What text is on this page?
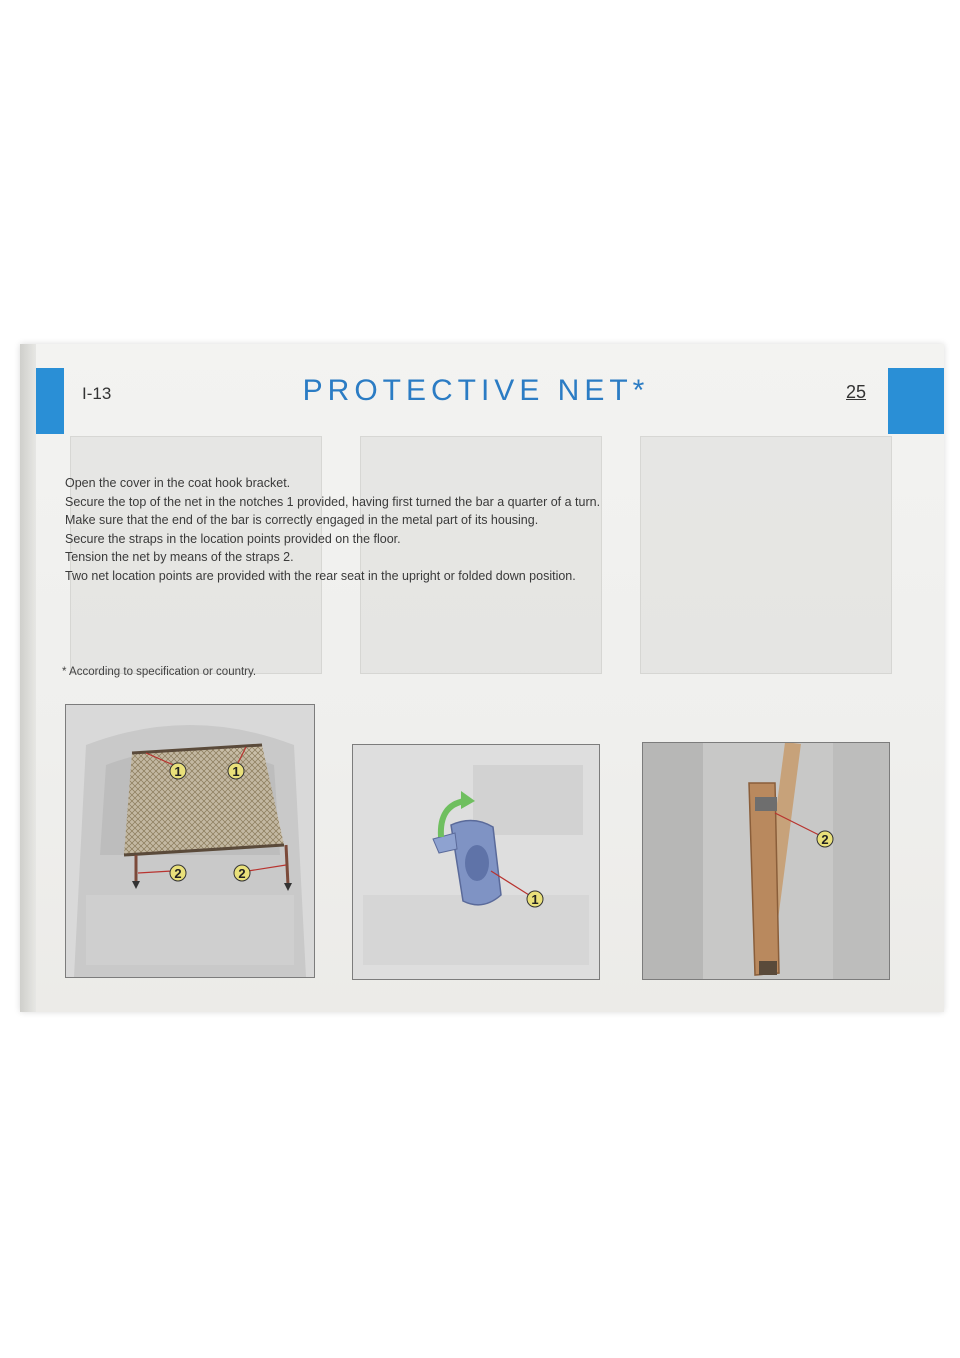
I-13	PROTECTIVE NET*	25
Open the cover in the coat hook bracket.
Secure the top of the net in the notches 1 provided, having first turned the bar a quarter of a turn.
Make sure that the end of the bar is correctly engaged in the metal part of its housing.
Secure the straps in the location points provided on the floor.
Tension the net by means of the straps 2.
Two net location points are provided with the rear seat in the upright or folded down position.
* According to specification or country.
1	1
2	2
1
2
